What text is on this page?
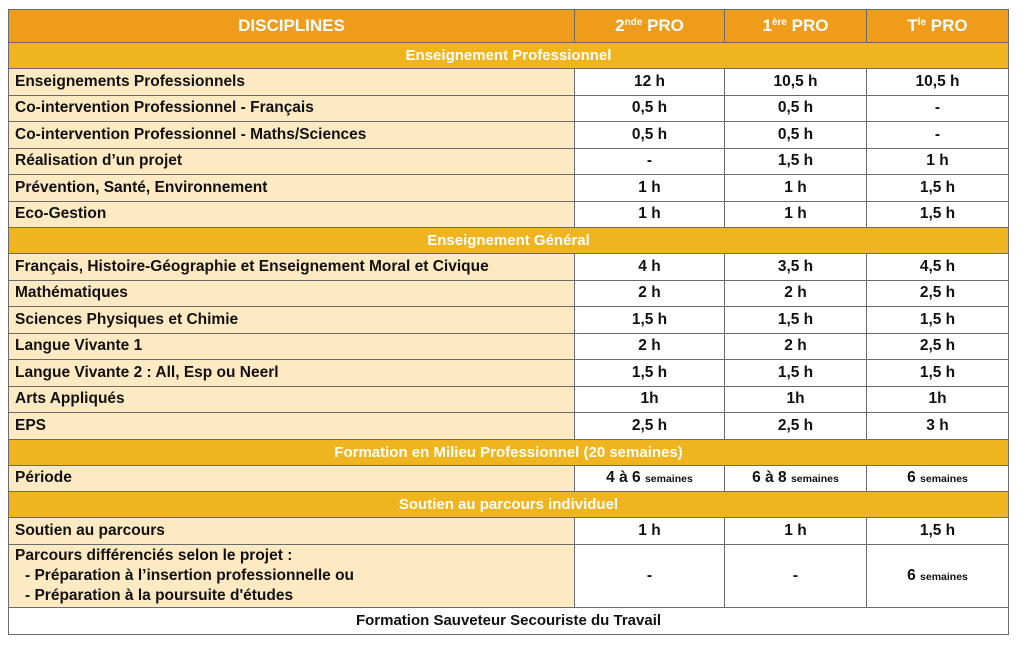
DISCIPLINES	2nde PRO	1ère PRO	$T^{le}$ PRO
Enseignement Professionnel			
Enseignements Professionnels	12 h	10,5 h	10,5 h
Co-intervention Professionnel - Français	0,5 h	0,5 h	-
Co-intervention Professionnel - Maths/Sciences	0,5 h	0,5 h	-
Réalisation d’un projet	-	1,5 h	1 h
Prévention, Santé, Environnement	1 h	1 h	1,5 h
Eco-Gestion	1 h	1 h	1,5 h
Enseignement Général			
Français, Histoire-Géographie et Enseignement Moral et Civique	4 h	3,5 h	4,5 h
Mathématiques	2 h	2 h	2,5 h
Sciences Physiques et Chimie	1,5 h	1,5 h	1,5 h
Langue Vivante 1	2 h	2 h	2,5 h
Langue Vivante 2 : All, Esp ou Neerl	1,5 h	1,5 h	1,5 h
Arts Appliqués	1h	1h	1h
EPS	2,5 h	2,5 h	3 h
Formation en Milieu Professionnel (20 semaines)			
Période	4 à 6 semaines	6 à 8 semaines	6 semaines
Soutien au parcours individuel			
Soutien au parcours	1 h	1 h	1,5 h

Parcours différenciés selon le projet :
- Préparation à l’insertion professionnelle ou
- Préparation à la poursuite d'études	-	-	6 semaines
Formation Sauveteur Secouriste du Travail			
